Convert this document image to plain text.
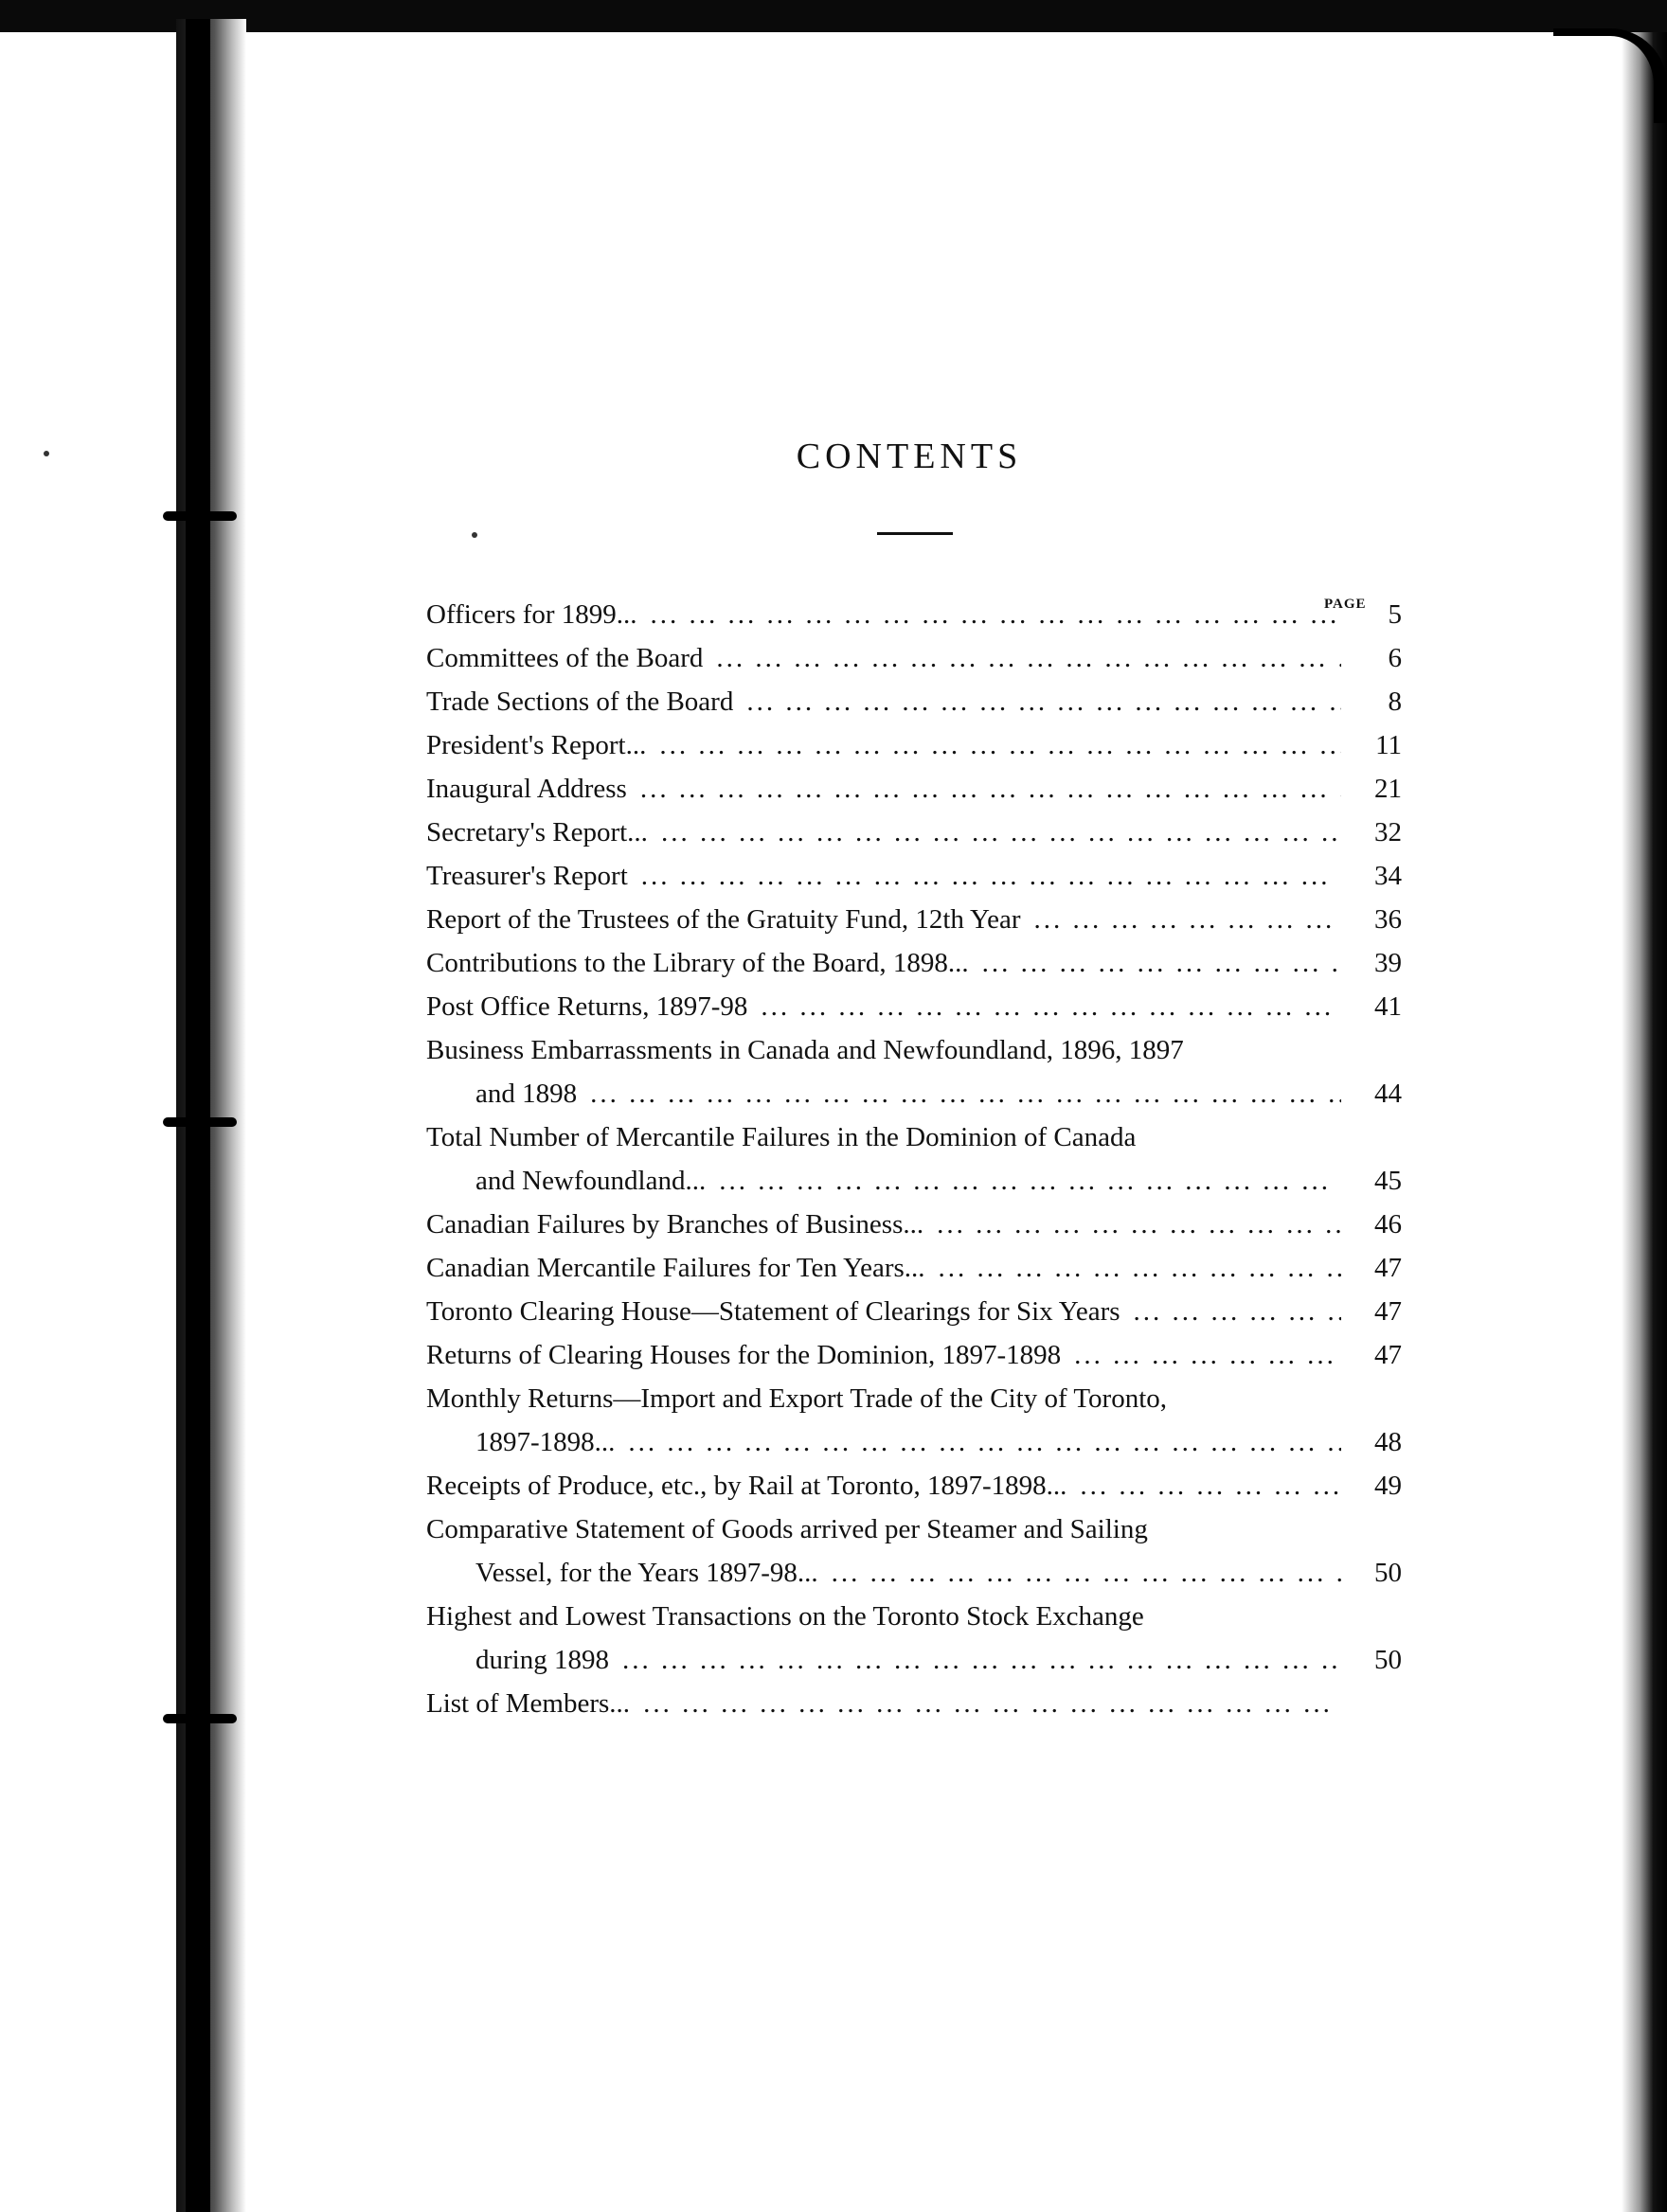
CONTENTS
PAGE
Officers for 1899... ... .	5
Committees of the Board ... .	6
Trade Sections of the Board ... .	8
President's Report... ... .	11
Inaugural Address ... .	21
Secretary's Report... ... .	32
Treasurer's Report ... .	34
Report of the Trustees of the Gratuity Fund, 12th Year ... .	36
Contributions to the Library of the Board, 1898... ... .	39
Post Office Returns, 1897-98 ... .	41
Business Embarrassments in Canada and Newfoundland, 1896, 1897
and 1898 ... .	44
Total Number of Mercantile Failures in the Dominion of Canada
and Newfoundland... ... .	45
Canadian Failures by Branches of Business... ... .	46
Canadian Mercantile Failures for Ten Years... ... .	47
Toronto Clearing House—Statement of Clearings for Six Years ... .	47
Returns of Clearing Houses for the Dominion, 1897-1898 ... .	47
Monthly Returns—Import and Export Trade of the City of Toronto,
1897-1898... ... .	48
Receipts of Produce, etc., by Rail at Toronto, 1897-1898... ... .	49
Comparative Statement of Goods arrived per Steamer and Sailing
Vessel, for the Years 1897-98... ... .	50
Highest and Lowest Transactions on the Toronto Stock Exchange
during 1898 ... .	50
List of Members...
... .
